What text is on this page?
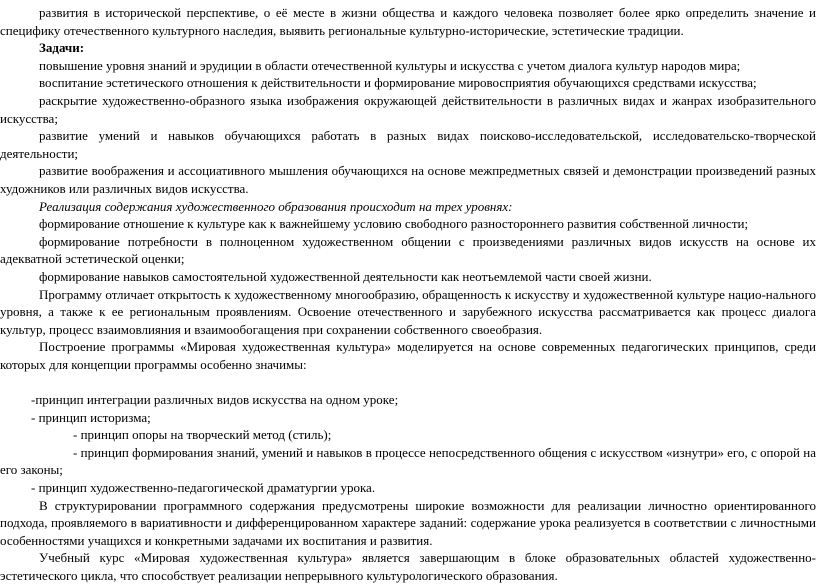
развития в исторической перспективе, о её месте в жизни общества и каждого человека позволяет более ярко определить значение и специфику отечественного культурного наследия, выявить региональные культурно-исторические, эстетические традиции.

Задачи:

повышение уровня знаний и эрудиции в области отечественной культуры и искусства с учетом диалога культур народов мира;

воспитание эстетического отношения к действительности и формирование мировосприятия обучающихся средствами искусства;

раскрытие художественно-образного языка изображения окружающей действительности в различных видах и жанрах изобразительного искусства;

развитие умений и навыков обучающихся работать в разных видах поисково-исследовательской, исследовательско-творческой деятельности;

развитие воображения и ассоциативного мышления обучающихся на основе межпредметных связей и демонстрации произведений разных художников или различных видов искусства.

Реализация содержания художественного образования происходит на трех уровнях:

формирование отношение к культуре как к важнейшему условию свободного разностороннего развития собственной личности;

формирование потребности в полноценном художественном общении с произведениями различных видов искусств на основе их адекватной эстетической оценки;

формирование навыков самостоятельной художественной деятельности как неотъемлемой части своей жизни.

Программу отличает открытость к художественному многообразию, обращенность к искусству и художественной культуре нацио-нального уровня, а также к ее региональным проявлениям. Освоение отечественного и зарубежного искусства рассматривается как процесс диалога культур, процесс взаимовлияния и взаимообогащения при сохранении собственного своеобразия.

Построение программы «Мировая художественная культура» моделируется на основе современных педагогических принципов, среди которых для концепции программы особенно значимы:

-принцип интеграции различных видов искусства на одном уроке;

- принцип историзма;

- принцип опоры на творческий метод (стиль);

- принцип формирования знаний, умений и навыков в процессе непосредственного общения с искусством «изнутри» его, с опорой на его законы;

- принцип художественно-педагогической драматургии урока.

В структурировании программного содержания предусмотрены широкие возможности для реализации личностно ориентированного подхода, проявляемого в вариативности и дифференцированном характере заданий: содержание урока реализуется в соответствии с личностными особенностями учащихся и конкретными задачами их воспитания и развития.

Учебный курс «Мировая художественная культура» является завершающим в блоке образовательных областей художественно-эстетического цикла, что способствует реализации непрерывного культурологического образования.
